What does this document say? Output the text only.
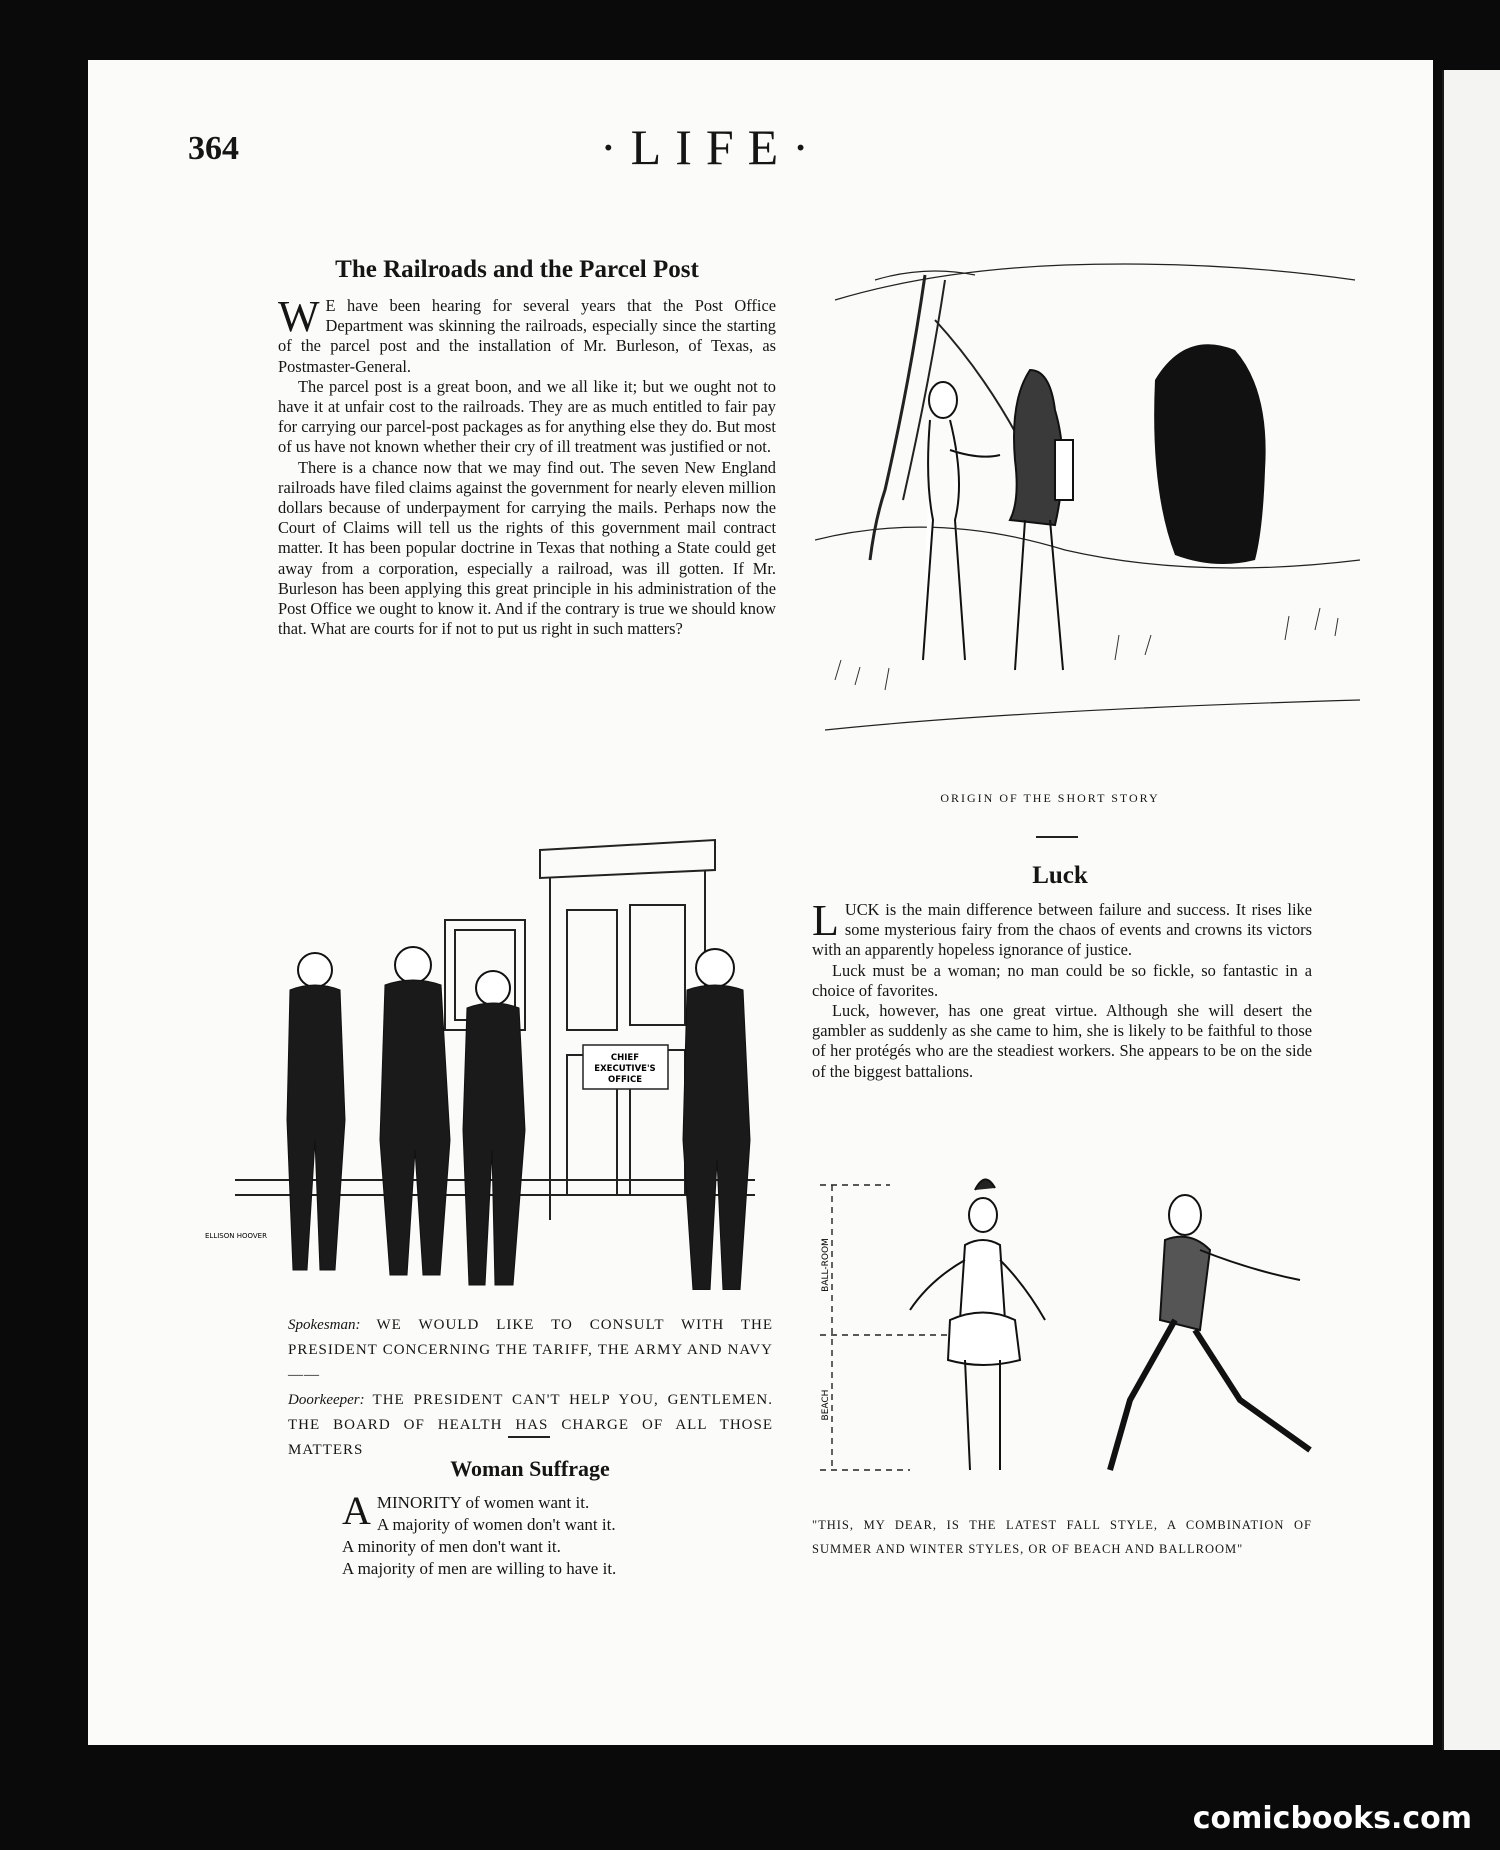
364	·LIFE·
The Railroads and the Parcel Post

W E have been hearing for several years that the Post Office Department was skinning the railroads, especially since the starting of the parcel post and the installation of Mr. Burleson, of Texas, as Postmaster-General.

The parcel post is a great boon, and we all like it; but we ought not to have it at unfair cost to the railroads. They are as much entitled to fair pay for carrying our parcel-post packages as for anything else they do. But most of us have not known whether their cry of ill treatment was justified or not.

There is a chance now that we may find out. The seven New England railroads have filed claims against the government for nearly eleven million dollars because of underpayment for carrying the mails. Perhaps now the Court of Claims will tell us the rights of this government mail contract matter. It has been popular doctrine in Texas that nothing a State could get away from a corporation, especially a railroad, was ill gotten. If Mr. Burleson has been applying this great principle in his administration of the Post Office we ought to know it. And if the contrary is true we should know that. What are courts for if not to put us right in such matters?

ORIGIN OF THE SHORT STORY
Luck

LUCK is the main difference between failure and success. It rises like some mysterious fairy from the chaos of events and crowns its victors with an apparently hopeless ignorance of justice.

Luck must be a woman; no man could be so fickle, so fantastic in a choice of favorites.

Luck, however, has one great virtue. Although she will desert the gambler as suddenly as she came to him, she is likely to be faithful to those of her protégés who are the steadiest workers. She appears to be on the side of the biggest battalions.

CHIEF EXECUTIVE'S OFFICE
ELLISON HOOVER
Spokesman: WE WOULD LIKE TO CONSULT WITH THE PRESIDENT CONCERNING THE TARIFF, THE ARMY AND NAVY——
Doorkeeper: THE PRESIDENT CAN'T HELP YOU, GENTLEMEN. THE BOARD OF HEALTH HAS CHARGE OF ALL THOSE MATTERS
Woman Suffrage
AMINORITY of women want it.
A majority of women don't want it.
A minority of men don't want it.
A majority of men are willing to have it.
BALL-ROOM
BEACH
"THIS, MY DEAR, IS THE LATEST FALL STYLE, A COMBINATION OF SUMMER AND WINTER STYLES, OR OF BEACH AND BALLROOM"
comicbooks.com
